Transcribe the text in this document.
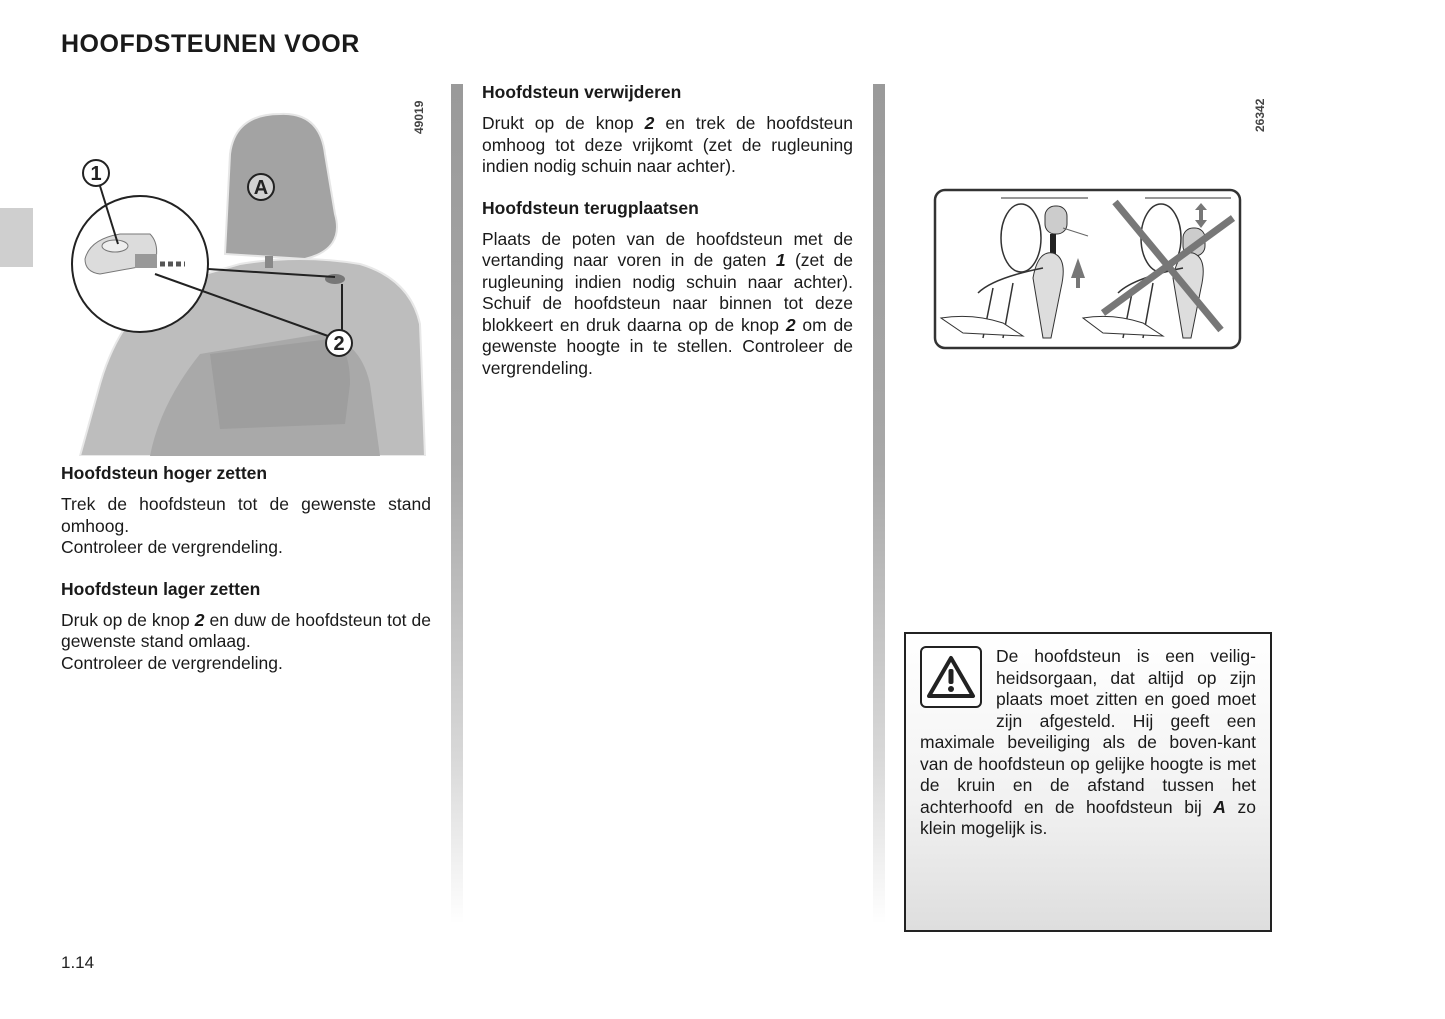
HOOFDSTEUNEN VOOR
1
A
2
49019
Hoofdsteun hoger zetten

Trek de hoofdsteun tot de gewenste stand omhoog.

Controleer de vergrendeling.

Hoofdsteun lager zetten

Druk op de knop 2 en duw de hoofdsteun tot de gewenste stand omlaag.

Controleer de vergrendeling.

Hoofdsteun verwijderen

Drukt op de knop 2 en trek de hoofdsteun omhoog tot deze vrijkomt (zet de rugleuning indien nodig schuin naar achter).

Hoofdsteun terugplaatsen

Plaats de poten van de hoofdsteun met de vertanding naar voren in de gaten 1 (zet de rugleuning indien nodig schuin naar achter). Schuif de hoofdsteun naar binnen tot deze blokkeert en druk daarna op de knop 2 om de gewenste hoogte in te stellen. Controleer de vergrendeling.

26342
De hoofdsteun is een veilig-heidsorgaan, dat altijd op zijn plaats moet zitten en goed moet zijn afgesteld. Hij geeft een maximale beveiliging als de boven-kant van de hoofdsteun op gelijke hoogte is met de kruin en de afstand tussen het achterhoofd en de hoofdsteun bij A zo klein mogelijk is.
1.14
